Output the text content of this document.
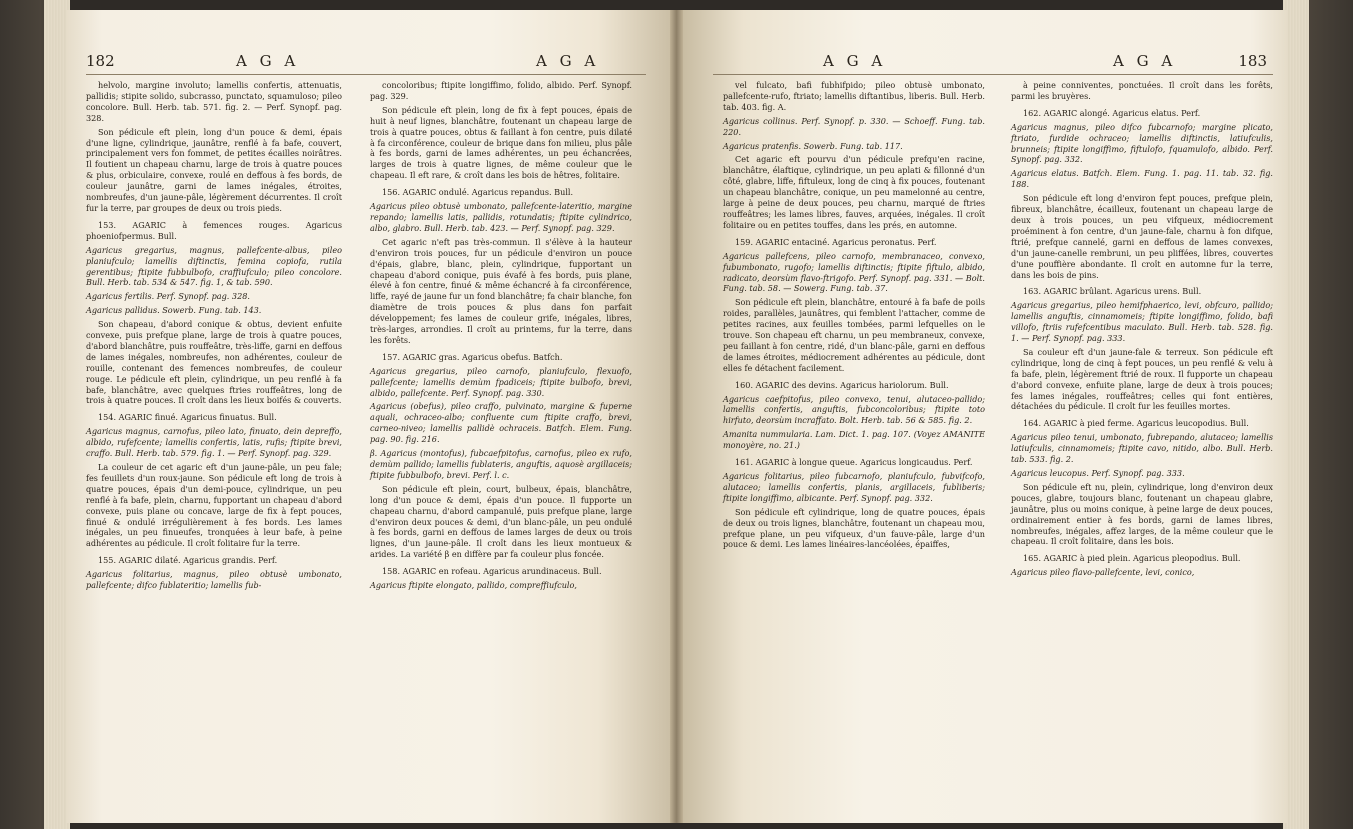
182	A G A	A G A

helvolo, margine involuto; lamellis confertis, attenuatis, pallidis; stipite solido, subcrasso, punctato, squamuloso; pileo concolore. Bull. Herb. tab. 571. fig. 2. — Perf. Synopf. pag. 328.

Son pédicule eft plein, long d'un pouce & demi, épais d'une ligne, cylindrique, jaunâtre, renflé à fa bafe, couvert, principalement vers fon fommet, de petites écailles noirâtres. Il foutient un chapeau charnu, large de trois à quatre pouces & plus, orbiculaire, convexe, roulé en deffous à fes bords, de couleur jaunâtre, garni de lames inégales, étroites, nombreufes, d'un jaune-pâle, légèrement décurrentes. Il croît fur la terre, par groupes de deux ou trois pieds.

153. AGARIC à femences rouges. Agaricus phoeniofpermus. Bull.

Agaricus gregarius, magnus, pallefcente-albus, pileo planiufculo; lamellis diftinctis, femina copiofa, rutila gerentibus; ftipite fubbulbofo, craffiufculo; pileo concolore. Bull. Herb. tab. 534 & 547. fig. 1, & tab. 590.

Agaricus fertilis. Perf. Synopf. pag. 328.

Agaricus pallidus. Sowerb. Fung. tab. 143.

Son chapeau, d'abord conique & obtus, devient enfuite convexe, puis prefque plane, large de trois à quatre pouces, d'abord blanchâtre, puis rouffeâtre, très-liffe, garni en deffous de lames inégales, nombreufes, non adhérentes, couleur de rouille, contenant des femences nombreufes, de couleur rouge. Le pédicule eft plein, cylindrique, un peu renflé à fa bafe, blanchâtre, avec quelques ftries rouffeâtres, long de trois à quatre pouces. Il croît dans les lieux boifés & couverts.

154. AGARIC finué. Agaricus finuatus. Bull.

Agaricus magnus, carnofus, pileo lato, finuato, dein depreffo, albido, rufefcente; lamellis confertis, latis, rufis; ftipite brevi, craffo. Bull. Herb. tab. 579. fig. 1. — Perf. Synopf. pag. 329.

La couleur de cet agaric eft d'un jaune-pâle, un peu fale; fes feuillets d'un roux-jaune. Son pédicule eft long de trois à quatre pouces, épais d'un demi-pouce, cylindrique, un peu renflé à fa bafe, plein, charnu, fupportant un chapeau d'abord convexe, puis plane ou concave, large de fix à fept pouces, finué & ondulé irrégulièrement à fes bords. Les lames inégales, un peu finueufes, tronquées à leur bafe, à peine adhérentes au pédicule. Il croît folitaire fur la terre.

155. AGARIC dilaté. Agaricus grandis. Perf.

Agaricus folitarius, magnus, pileo obtusè umbonato, pallefcente; difco fublateritio; lamellis fub-

concoloribus; ftipite longiffimo, folido, albido. Perf. Synopf. pag. 329.

Son pédicule eft plein, long de fix à fept pouces, épais de huit à neuf lignes, blanchâtre, foutenant un chapeau large de trois à quatre pouces, obtus & faillant à fon centre, puis dilaté à fa circonférence, couleur de brique dans fon milieu, plus pâle à fes bords, garni de lames adhérentes, un peu échancrées, larges de trois à quatre lignes, de même couleur que le chapeau. Il eft rare, & croît dans les bois de hêtres, folitaire.

156. AGARIC ondulé. Agaricus repandus. Bull.

Agaricus pileo obtusè umbonato, pallefcente-lateritio, margine repando; lamellis latis, pallidis, rotundatis; ftipite cylindrico, albo, glabro. Bull. Herb. tab. 423. — Perf. Synopf. pag. 329.

Cet agaric n'eft pas très-commun. Il s'élève à la hauteur d'environ trois pouces, fur un pédicule d'environ un pouce d'épais, glabre, blanc, plein, cylindrique, fupportant un chapeau d'abord conique, puis évafé à fes bords, puis plane, élevé à fon centre, finué & même échancré à fa circonférence, liffe, rayé de jaune fur un fond blanchâtre; fa chair blanche, fon diamètre de trois pouces & plus dans fon parfait développement; fes lames de couleur grife, inégales, libres, très-larges, arrondies. Il croît au printems, fur la terre, dans les forêts.

157. AGARIC gras. Agaricus obefus. Batfch.

Agaricus gregarius, pileo carnofo, planiufculo, flexuofo, pallefcente; lamellis demùm fpadiceis; ftipite bulbofo, brevi, albido, pallefcente. Perf. Synopf. pag. 330.

Agaricus (obefus), pileo craffo, pulvinato, margine & fuperne aquali, ochraceo-albo; confluente cum ftipite craffo, brevi, carneo-niveo; lamellis pallidè ochraceis. Batfch. Elem. Fung. pag. 90. fig. 216.

β. Agaricus (montofus), fubcaefpitofus, carnofus, pileo ex rufo, demùm pallido; lamellis fublateris, anguftis, aquosè argillaceis; ftipite fubbulbofo, brevi. Perf. l. c.

Son pédicule eft plein, court, bulbeux, épais, blanchâtre, long d'un pouce & demi, épais d'un pouce. Il fupporte un chapeau charnu, d'abord campanulé, puis prefque plane, large d'environ deux pouces & demi, d'un blanc-pâle, un peu ondulé à fes bords, garni en deffous de lames larges de deux ou trois lignes, d'un jaune-pâle. Il croît dans les lieux montueux & arides. La variété β en diffère par fa couleur plus foncée.

158. AGARIC en rofeau. Agaricus arundinaceus. Bull.

Agaricus ftipite elongato, pallido, compreffiufculo,

A G A	A G A	183

vel fulcato, bafi fubhifpido; pileo obtusè umbonato, pallefcente-rufo, ftriato; lamellis diftantibus, liberis. Bull. Herb. tab. 403. fig. A.

Agaricus collinus. Perf. Synopf. p. 330. — Schoeff. Fung. tab. 220.

Agaricus pratenfis. Sowerb. Fung. tab. 117.

Cet agaric eft pourvu d'un pédicule prefqu'en racine, blanchâtre, élaftique, cylindrique, un peu aplati & fillonné d'un côté, glabre, liffe, fiftuleux, long de cinq à fix pouces, foutenant un chapeau blanchâtre, conique, un peu mamelonné au centre, large à peine de deux pouces, peu charnu, marqué de ftries rouffeâtres; les lames libres, fauves, arquées, inégales. Il croît folitaire ou en petites touffes, dans les prés, en automne.

159. AGARIC entaciné. Agaricus peronatus. Perf.

Agaricus pallefcens, pileo carnofo, membranaceo, convexo, fubumbonato, rugofo; lamellis diftinctis; ftipite fiftulo, albido, radicato, deorsùm flavo-ftrigofo. Perf. Synopf. pag. 331. — Bolt. Fung. tab. 58. — Sowerg. Fung. tab. 37.

Son pédicule eft plein, blanchâtre, entouré à fa bafe de poils roides, parallèles, jaunâtres, qui femblent l'attacher, comme de petites racines, aux feuilles tombées, parmi lefquelles on le trouve. Son chapeau eft charnu, un peu membraneux, convexe, peu faillant à fon centre, ridé, d'un blanc-pâle, garni en deffous de lames étroites, médiocrement adhérentes au pédicule, dont elles fe détachent facilement.

160. AGARIC des devins. Agaricus hariolorum. Bull.

Agaricus caefpitofus, pileo convexo, tenui, alutaceo-pallido; lamellis confertis, anguftis, fubconcoloribus; ftipite toto hirfuto, deorsùm incraffato. Bolt. Herb. tab. 56 & 585. fig. 2.

Amanita nummularia. Lam. Dict. 1. pag. 107. (Voyez AMANITE monoyère, no. 21.)

161. AGARIC à longue queue. Agaricus longicaudus. Perf.

Agaricus folitarius, pileo fubcarnofo, planiufculo, fubvifcofo, alutaceo; lamellis confertis, planis, argillaceis, fubliberis; ftipite longiffimo, albicante. Perf. Synopf. pag. 332.

Son pédicule eft cylindrique, long de quatre pouces, épais de deux ou trois lignes, blanchâtre, foutenant un chapeau mou, prefque plane, un peu vifqueux, d'un fauve-pâle, large d'un pouce & demi. Les lames linéaires-lancéolées, épaiffes,

à peine conniventes, ponctuées. Il croît dans les forêts, parmi les bruyères.

162. AGARIC alongé. Agaricus elatus. Perf.

Agaricus magnus, pileo difco fubcarnofo; margine plicato, ftriato, furdide ochraceo; lamellis diftinctis, latiufculis, brunneis; ftipite longiffimo, fiftulofo, fquamulofo, albido. Perf. Synopf. pag. 332.

Agaricus elatus. Batfch. Elem. Fung. 1. pag. 11. tab. 32. fig. 188.

Son pédicule eft long d'environ fept pouces, prefque plein, fibreux, blanchâtre, écailleux, foutenant un chapeau large de deux à trois pouces, un peu vifqueux, médiocrement proéminent à fon centre, d'un jaune-fale, charnu à fon difque, ftrié, prefque cannelé, garni en deffous de lames convexes, d'un jaune-canelle rembruni, un peu pliffées, libres, couvertes d'une pouffière abondante. Il croît en automne fur la terre, dans les bois de pins.

163. AGARIC brûlant. Agaricus urens. Bull.

Agaricus gregarius, pileo hemifphaerico, levi, obfcuro, pallido; lamellis anguftis, cinnamomeis; ftipite longiffimo, folido, bafi villofo, ftriis rufefcentibus maculato. Bull. Herb. tab. 528. fig. 1. — Perf. Synopf. pag. 333.

Sa couleur eft d'un jaune-fale & terreux. Son pédicule eft cylindrique, long de cinq à fept pouces, un peu renflé & velu à fa bafe, plein, légèrement ftrié de roux. Il fupporte un chapeau d'abord convexe, enfuite plane, large de deux à trois pouces; fes lames inégales, rouffeâtres; celles qui font entières, détachées du pédicule. Il croît fur les feuilles mortes.

164. AGARIC à pied ferme. Agaricus leucopodius. Bull.

Agaricus pileo tenui, umbonato, fubrepando, alutaceo; lamellis latiufculis, cinnamomeis; ftipite cavo, nitido, albo. Bull. Herb. tab. 533. fig. 2.

Agaricus leucopus. Perf. Synopf. pag. 333.

Son pédicule eft nu, plein, cylindrique, long d'environ deux pouces, glabre, toujours blanc, foutenant un chapeau glabre, jaunâtre, plus ou moins conique, à peine large de deux pouces, ordinairement entier à fes bords, garni de lames libres, nombreufes, inégales, affez larges, de la même couleur que le chapeau. Il croît folitaire, dans les bois.

165. AGARIC à pied plein. Agaricus pleopodius. Bull.

Agaricus pileo flavo-pallefcente, levi, conico,
